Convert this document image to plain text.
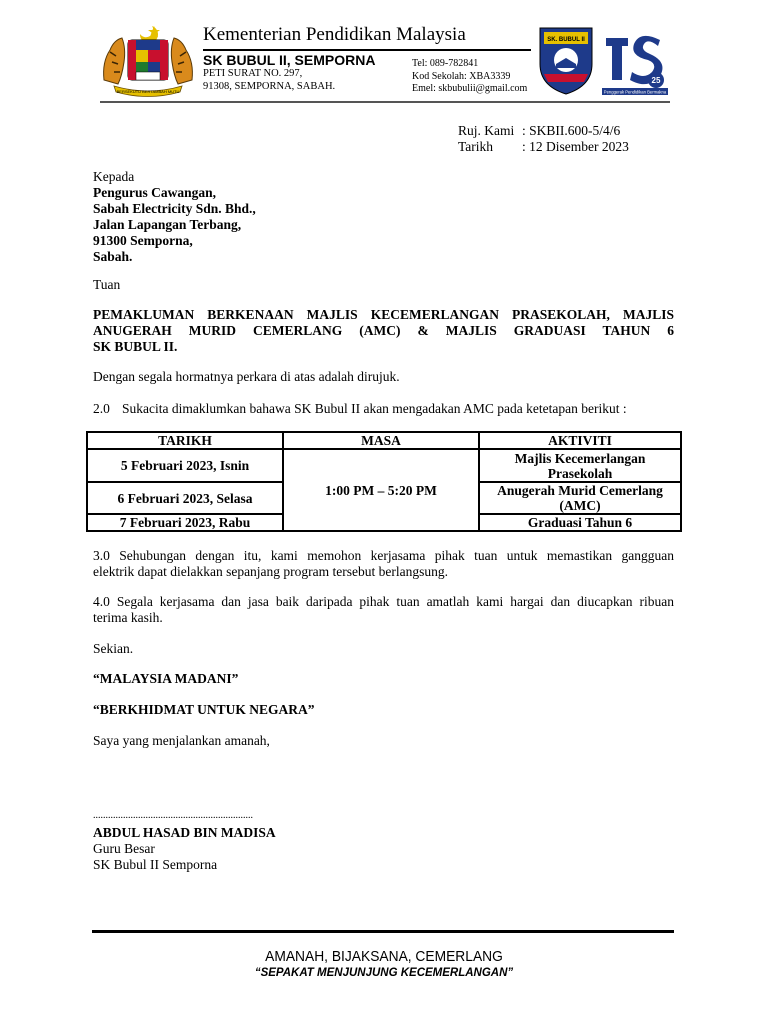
BERSEKUTU BERTAMBAH MUTU
Kementerian Pendidikan Malaysia
SK BUBUL II, SEMPORNA
PETI SURAT NO. 297,
91308, SEMPORNA, SABAH.
Tel: 089-782841
Kod Sekolah: XBA3339
Emel: skbubulii@gmail.com
SK. BUBUL II
25
Penggerak Pendidikan Bermakna
Ruj. Kami : SKBII.600-5/4/6
Tarikh : 12 Disember 2023
Kepada
Pengurus Cawangan,
Sabah Electricity Sdn. Bhd.,
Jalan Lapangan Terbang,
91300 Semporna,
Sabah.
Tuan
PEMAKLUMAN BERKENAAN MAJLIS KECEMERLANGAN PRASEKOLAH, MAJLIS
ANUGERAH MURID CEMERLANG (AMC) & MAJLIS GRADUASI TAHUN 6
SK BUBUL II.
Dengan segala hormatnya perkara di atas adalah dirujuk.
2.0 Sukacita dimaklumkan bahawa SK Bubul II akan mengadakan AMC pada ketetapan berikut :
TARIKH	MASA	AKTIVITI
5 Februari 2023, Isnin	1:00 PM – 5:20 PM	Majlis Kecemerlangan
Prasekolah

6 Februari 2023, Selasa		Anugerah Murid Cemerlang
(AMC)

7 Februari 2023, Rabu		Graduasi Tahun 6
3.0 Sehubungan dengan itu, kami memohon kerjasama pihak tuan untuk memastikan gangguan
elektrik dapat dielakkan sepanjang program tersebut berlangsung.
4.0 Segala kerjasama dan jasa baik daripada pihak tuan amatlah kami hargai dan diucapkan ribuan
terima kasih.
Sekian.
“MALAYSIA MADANI”
“BERKHIDMAT UNTUK NEGARA”
Saya yang menjalankan amanah,
................................................................
ABDUL HASAD BIN MADISA
Guru Besar
SK Bubul II Semporna
AMANAH, BIJAKSANA, CEMERLANG
“SEPAKAT MENJUNJUNG KECEMERLANGAN”
